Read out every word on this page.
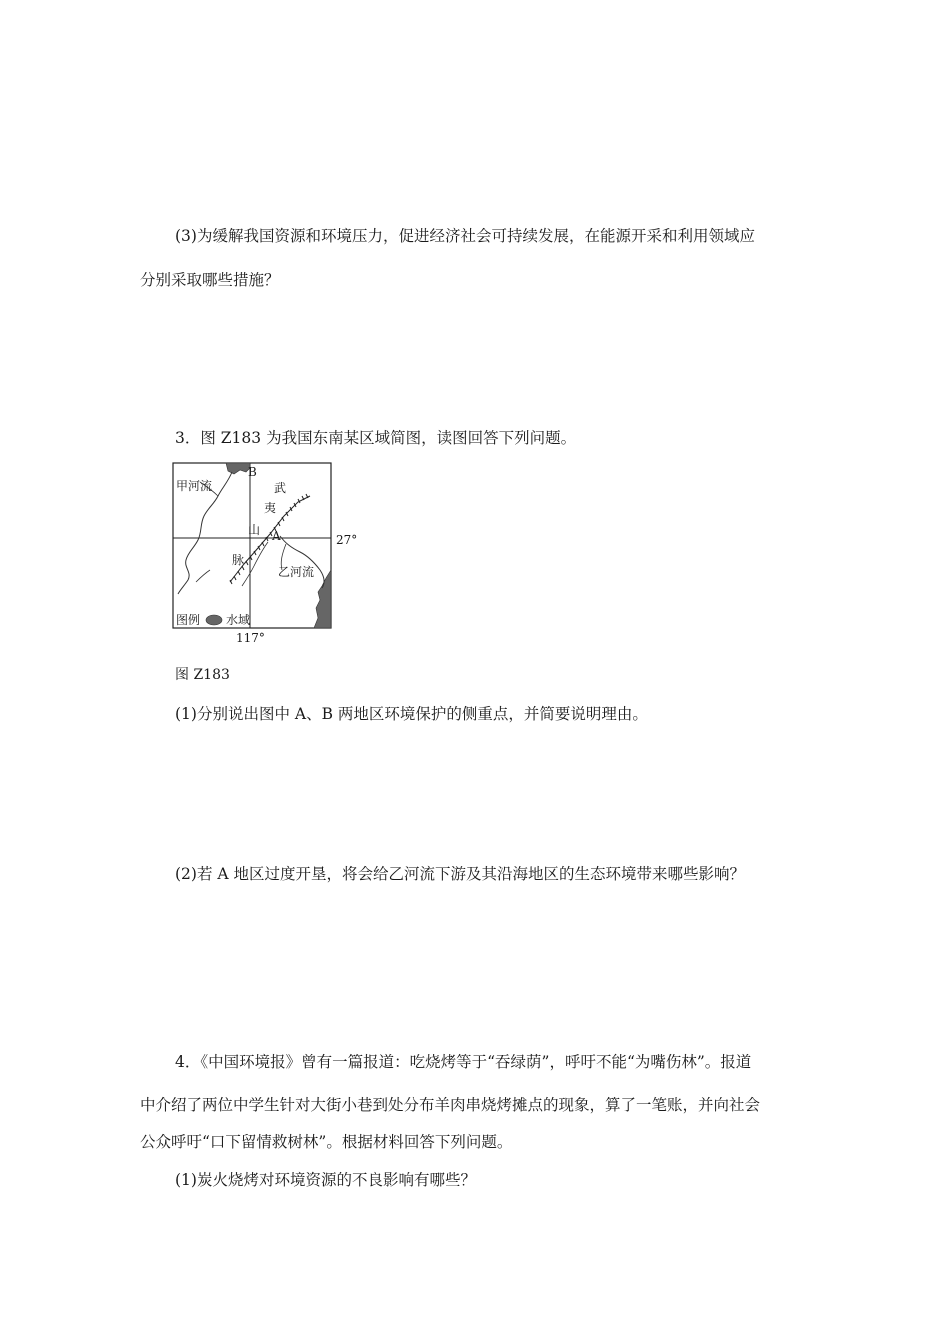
(3)为缓解我国资源和环境压力，促进经济社会可持续发展，在能源开采和利用领域应
分别采取哪些措施？
3．图 Z183 为我国东南某区域简图，读图回答下列问题。
B
甲河流	武
夷
山 A	27°
脉
乙河流
图例 水域
117°
图 Z183
(1)分别说出图中 A、B 两地区环境保护的侧重点，并简要说明理由。
(2)若 A 地区过度开垦，将会给乙河流下游及其沿海地区的生态环境带来哪些影响？
4．《中国环境报》曾有一篇报道：吃烧烤等于“吞绿荫”，呼吁不能“为嘴伤林”。报道
中介绍了两位中学生针对大街小巷到处分布羊肉串烧烤摊点的现象，算了一笔账，并向社会
公众呼吁“口下留情救树林”。根据材料回答下列问题。
(1)炭火烧烤对环境资源的不良影响有哪些？
